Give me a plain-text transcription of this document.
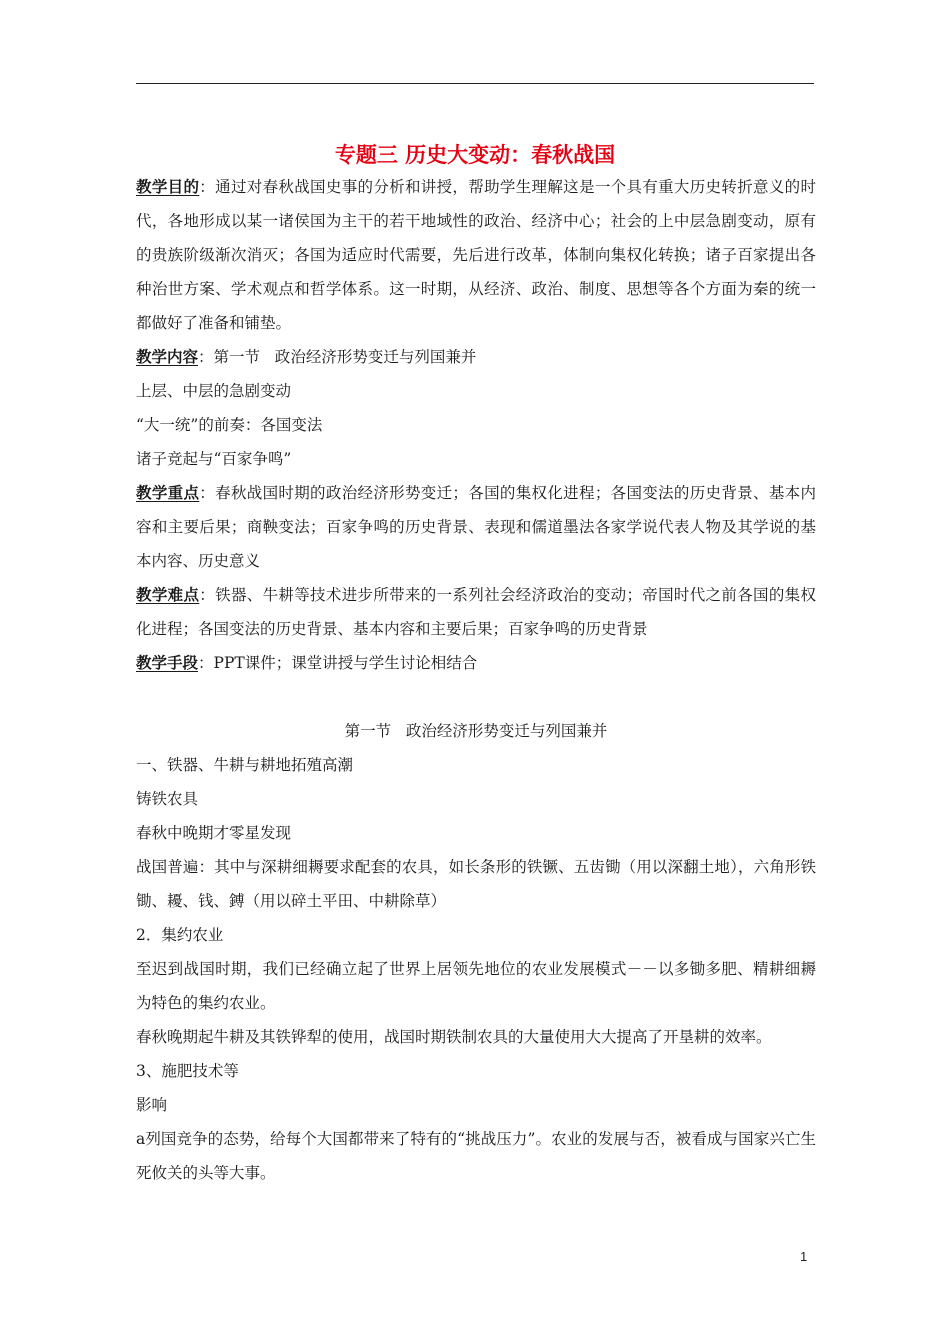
专题三 历史大变动：春秋战国

教学目的：通过对春秋战国史事的分析和讲授，帮助学生理解这是一个具有重大历史转折意义的时代，各地形成以某一诸侯国为主干的若干地域性的政治、经济中心；社会的上中层急剧变动，原有的贵族阶级渐次消灭；各国为适应时代需要，先后进行改革，体制向集权化转换；诸子百家提出各种治世方案、学术观点和哲学体系。这一时期，从经济、政治、制度、思想等各个方面为秦的统一都做好了准备和铺垫。

教学内容：第一节   政治经济形势变迁与列国兼并

上层、中层的急剧变动

“大一统”的前奏：各国变法

诸子竞起与“百家争鸣”

教学重点：春秋战国时期的政治经济形势变迁；各国的集权化进程；各国变法的历史背景、基本内容和主要后果；商鞅变法；百家争鸣的历史背景、表现和儒道墨法各家学说代表人物及其学说的基本内容、历史意义

教学难点：铁器、牛耕等技术进步所带来的一系列社会经济政治的变动；帝国时代之前各国的集权化进程；各国变法的历史背景、基本内容和主要后果；百家争鸣的历史背景

教学手段：PPT课件；课堂讲授与学生讨论相结合

第一节   政治经济形势变迁与列国兼并

一、铁器、牛耕与耕地拓殖高潮

铸铁农具

春秋中晚期才零星发现

战国普遍：其中与深耕细耨要求配套的农具，如长条形的铁镢、五齿锄（用以深翻土地），六角形铁锄、耰、钱、鎛（用以碎土平田、中耕除草）

2．集约农业

至迟到战国时期，我们已经确立起了世界上居领先地位的农业发展模式－－以多锄多肥、精耕细耨为特色的集约农业。

春秋晚期起牛耕及其铁铧犁的使用，战国时期铁制农具的大量使用大大提高了开垦耕的效率。

3、施肥技术等

影响

a列国竞争的态势，给每个大国都带来了特有的“挑战压力”。农业的发展与否，被看成与国家兴亡生死攸关的头等大事。

1
